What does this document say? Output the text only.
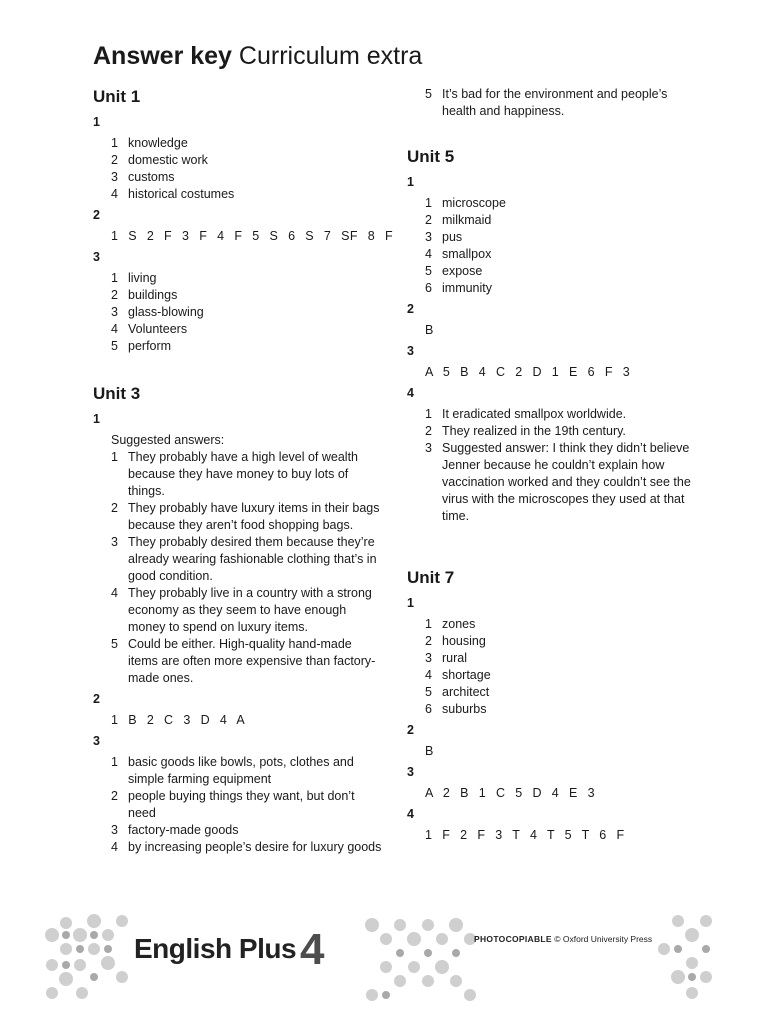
Answer key Curriculum extra
Unit 1
1
1 knowledge
2 domestic work
3 customs
4 historical costumes
2
1 S 2 F 3 F 4 F 5 S 6 S 7 SF 8 F
3
1 living
2 buildings
3 glass-blowing
4 Volunteers
5 perform
Unit 3
1
Suggested answers:
1 They probably have a high level of wealth because they have money to buy lots of things.
2 They probably have luxury items in their bags because they aren’t food shopping bags.
3 They probably desired them because they’re already wearing fashionable clothing that’s in good condition.
4 They probably live in a country with a strong economy as they seem to have enough money to spend on luxury items.
5 Could be either. High-quality hand-made items are often more expensive than factory-made ones.
2
1 B 2 C 3 D 4 A
3
1 basic goods like bowls, pots, clothes and simple farming equipment
2 people buying things they want, but don’t need
3 factory-made goods
4 by increasing people’s desire for luxury goods
5 It’s bad for the environment and people’s health and happiness.
Unit 5
1
1 microscope
2 milkmaid
3 pus
4 smallpox
5 expose
6 immunity
2
B
3
A 5 B 4 C 2 D 1 E 6 F 3
4
1 It eradicated smallpox worldwide.
2 They realized in the 19th century.
3 Suggested answer: I think they didn’t believe Jenner because he couldn’t explain how vaccination worked and they couldn’t see the virus with the microscopes they used at that time.
Unit 7
1
1 zones
2 housing
3 rural
4 shortage
5 architect
6 suburbs
2
B
3
A 2 B 1 C 5 D 4 E 3
4
1 F 2 F 3 T 4 T 5 T 6 F
English Plus4	PHOTOCOPIABLE © Oxford University Press
